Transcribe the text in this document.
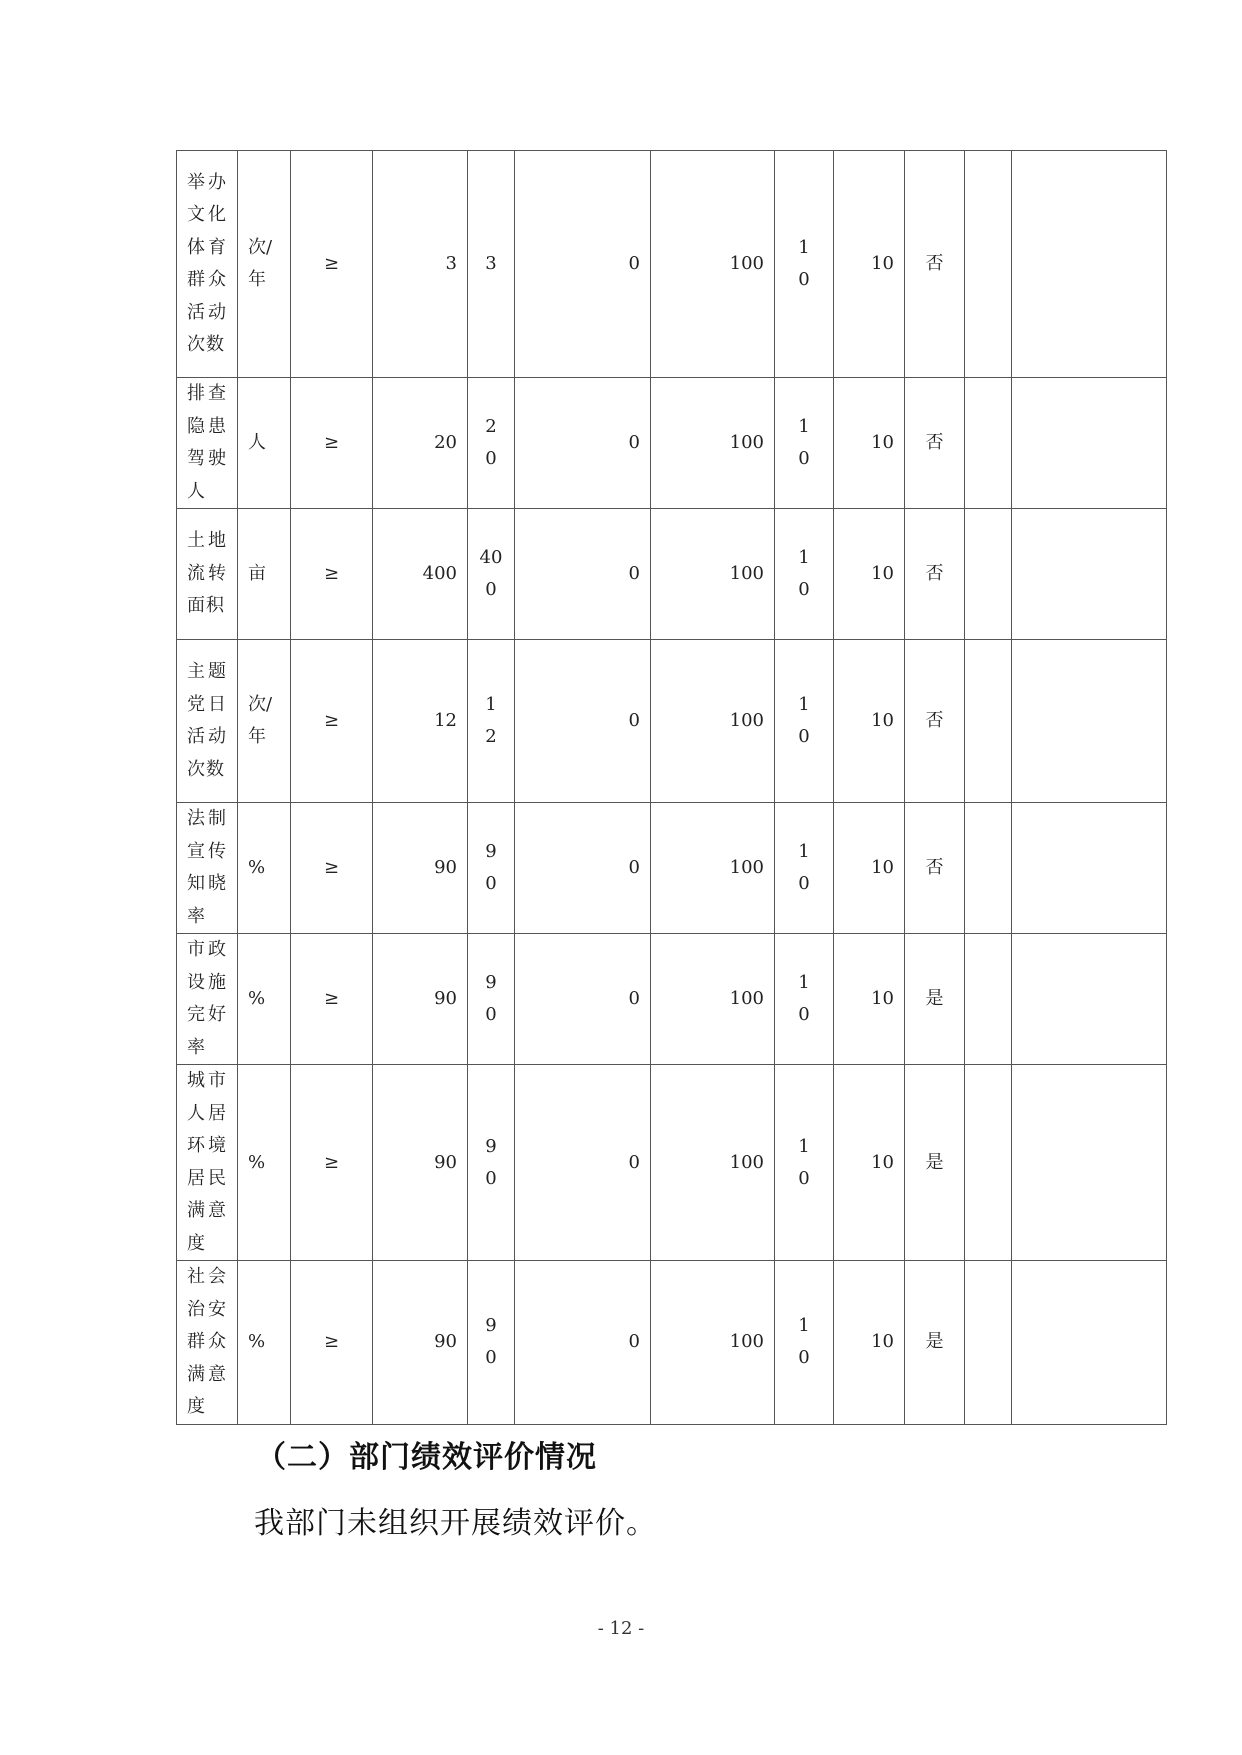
举办文化体育群众活动次数	次/年	≥	3	3	0	100	10	10	否		

排查隐患驾驶人	人	≥	20	20	0	100	10	10	否		

土地流转面积	亩	≥	400	400	0	100	10	10	否		

主题党日活动次数	次/年	≥	12	12	0	100	10	10	否		

法制宣传知晓率	%	≥	90	90	0	100	10	10	否		

市政设施完好率	%	≥	90	90	0	100	10	10	是		

城市人居环境居民满意度	%	≥	90	90	0	100	10	10	是		

社会治安群众满意度	%	≥	90	90	0	100	10	10	是		
（二）部门绩效评价情况
我部门未组织开展绩效评价。
- 12 -
